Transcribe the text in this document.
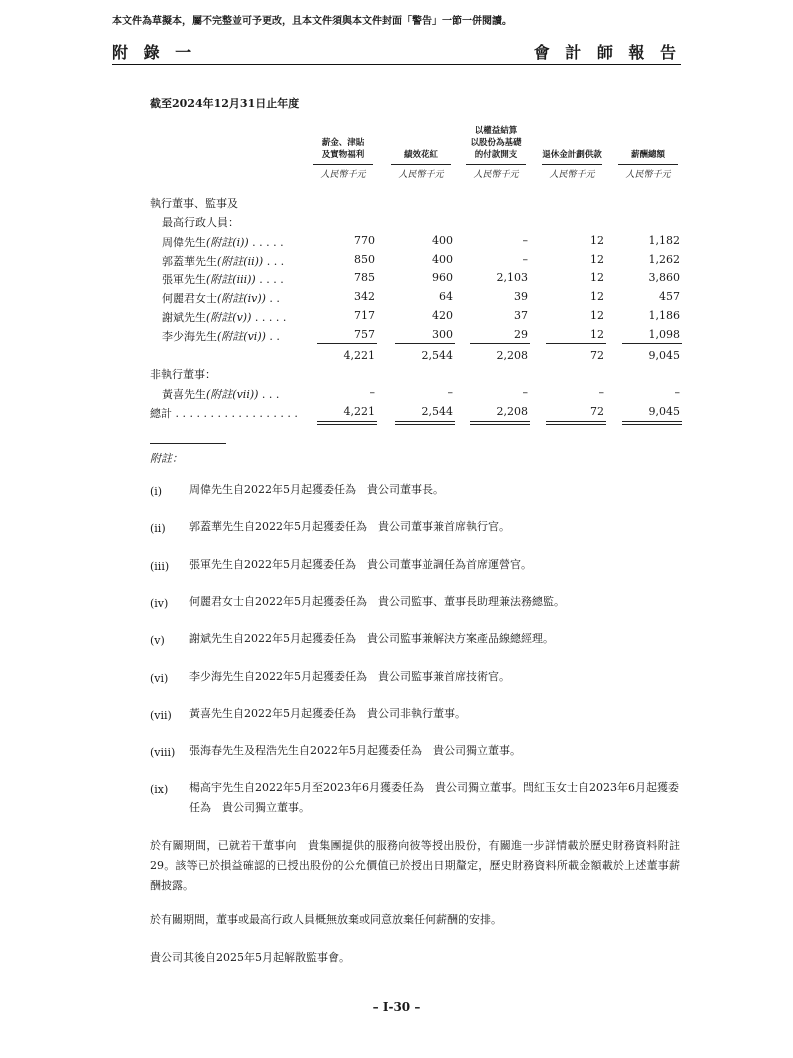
本文件為草擬本，屬不完整並可予更改，且本文件須與本文件封面「警告」一節一併閱讀。
附 錄 一	會 計 師 報 告
截至2024年12月31日止年度

薪金、津貼
及實物福利
人民幣千元

績效花紅
人民幣千元
以權益結算
以股份為基礎
的付款開支
人民幣千元

退休金計劃供款
人民幣千元

薪酬總額
人民幣千元
執行董事、監事及
最高行政人員：
周偉先生(附註(i)) . . . . .	770	400	–	12	1,182
郭蓋華先生(附註(ii)) . . .	850	400	–	12	1,262
張軍先生(附註(iii)) . . . .	785	960	2,103	12	3,860
何麗君女士(附註(iv)) . .	342	64	39	12	457
謝斌先生(附註(v)) . . . . .	717	420	37	12	1,186
李少海先生(附註(vi)) . .	757	300	29	12	1,098
4,221	2,544	2,208	72	9,045
非執行董事：
黃喜先生(附註(vii)) . . .	–	–	–	–	–
總計 . . . . . . . . . . . . . . . . . .	4,221	2,544	2,208	72	9,045
附註：
(i) 周偉先生自2022年5月起獲委任為　貴公司董事長。
(ii) 郭蓋華先生自2022年5月起獲委任為　貴公司董事兼首席執行官。
(iii) 張軍先生自2022年5月起獲委任為　貴公司董事並調任為首席運營官。
(iv) 何麗君女士自2022年5月起獲委任為　貴公司監事、董事長助理兼法務總監。
(v) 謝斌先生自2022年5月起獲委任為　貴公司監事兼解決方案產品線總經理。
(vi) 李少海先生自2022年5月起獲委任為　貴公司監事兼首席技術官。
(vii) 黃喜先生自2022年5月起獲委任為　貴公司非執行董事。
(viii) 張海春先生及程浩先生自2022年5月起獲委任為　貴公司獨立董事。
(ix) 楊高宇先生自2022年5月至2023年6月獲委任為　貴公司獨立董事。閆紅玉女士自2023年6月起獲委任為　貴公司獨立董事。
於有關期間，已就若干董事向　貴集團提供的服務向彼等授出股份，有關進一步詳情載於歷史財務資料附註29。該等已於損益確認的已授出股份的公允價值已於授出日期釐定，歷史財務資料所載金額載於上述董事薪酬披露。
於有關期間，董事或最高行政人員概無放棄或同意放棄任何薪酬的安排。
貴公司其後自2025年5月起解散監事會。
– I-30 –
